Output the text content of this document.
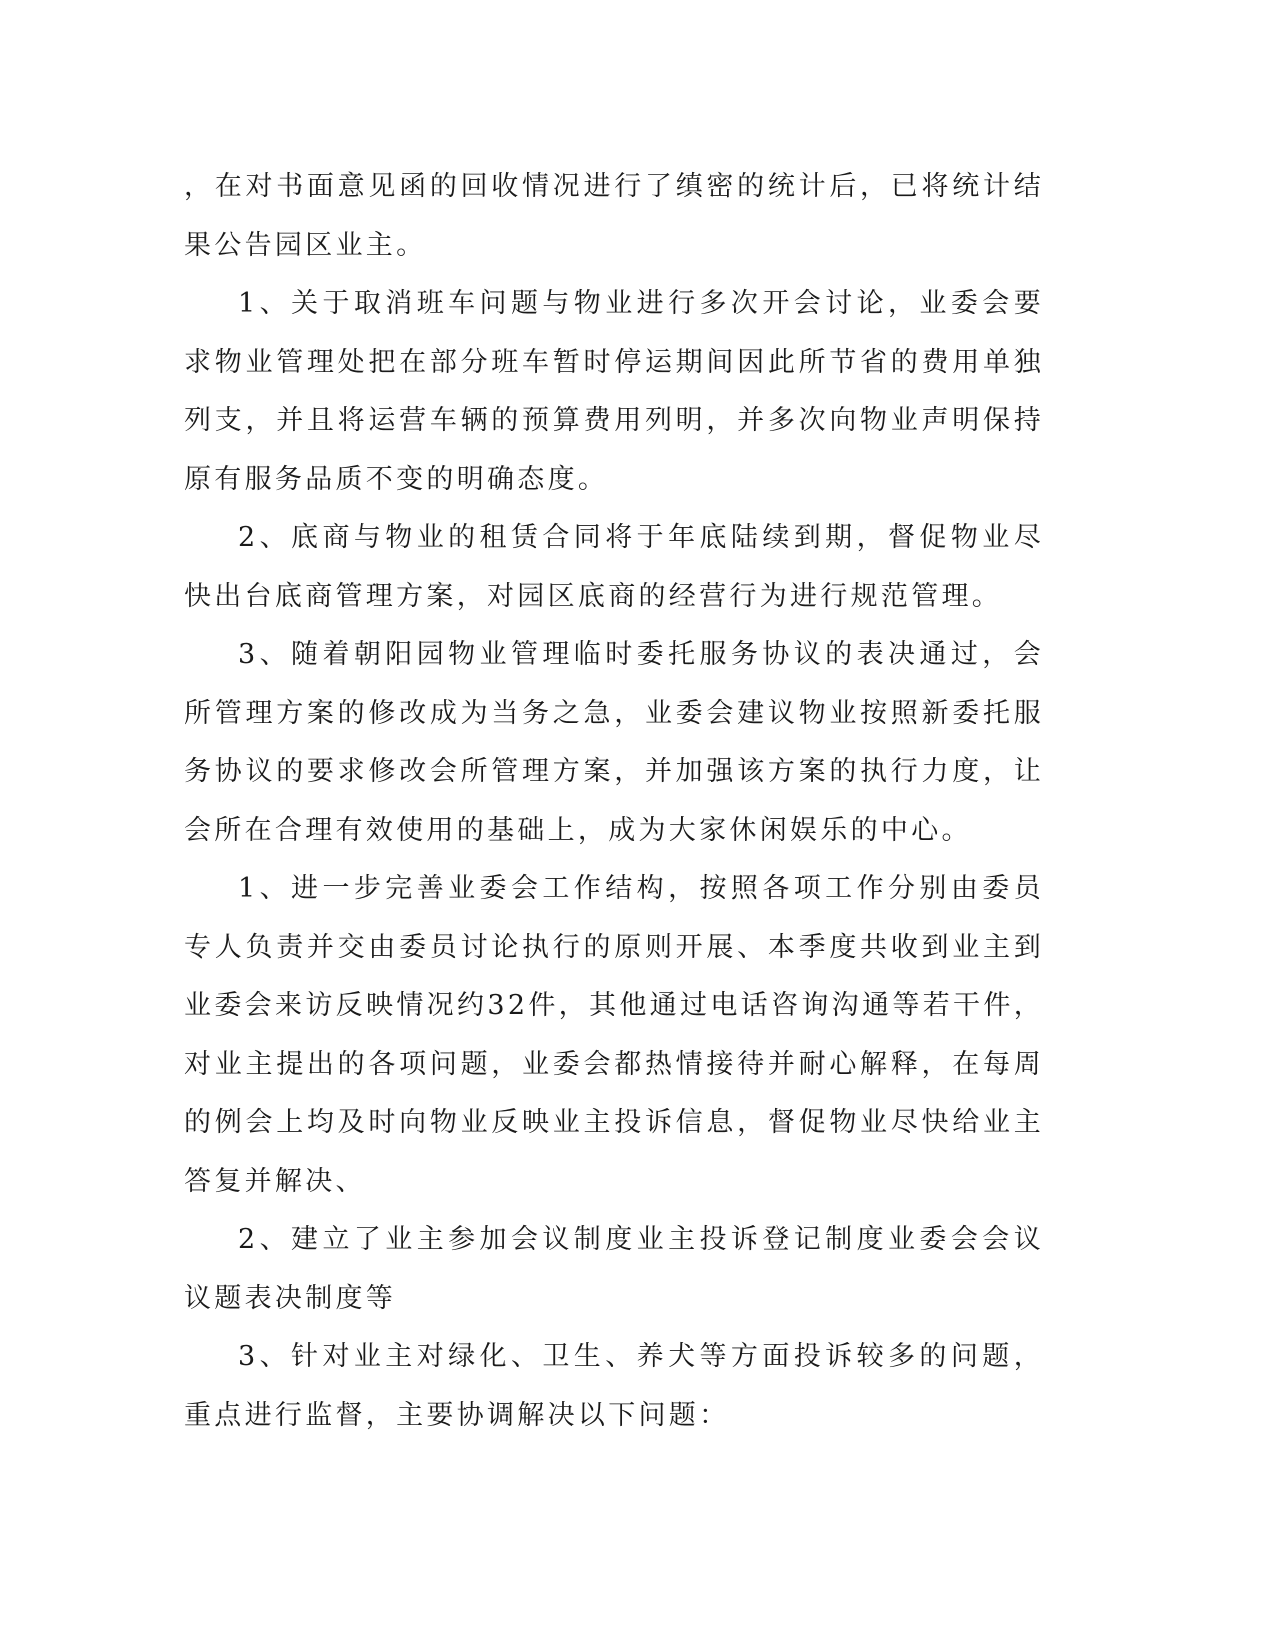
，在对书面意见函的回收情况进行了缜密的统计后，已将统计结果公告园区业主。

1、关于取消班车问题与物业进行多次开会讨论，业委会要求物业管理处把在部分班车暂时停运期间因此所节省的费用单独列支，并且将运营车辆的预算费用列明，并多次向物业声明保持原有服务品质不变的明确态度。

2、底商与物业的租赁合同将于年底陆续到期，督促物业尽快出台底商管理方案，对园区底商的经营行为进行规范管理。

3、随着朝阳园物业管理临时委托服务协议的表决通过，会所管理方案的修改成为当务之急，业委会建议物业按照新委托服务协议的要求修改会所管理方案，并加强该方案的执行力度，让会所在合理有效使用的基础上，成为大家休闲娱乐的中心。

1、进一步完善业委会工作结构，按照各项工作分别由委员专人负责并交由委员讨论执行的原则开展、本季度共收到业主到业委会来访反映情况约32件，其他通过电话咨询沟通等若干件，对业主提出的各项问题，业委会都热情接待并耐心解释，在每周的例会上均及时向物业反映业主投诉信息，督促物业尽快给业主答复并解决、

2、建立了业主参加会议制度业主投诉登记制度业委会会议议题表决制度等

3、针对业主对绿化、卫生、养犬等方面投诉较多的问题，重点进行监督，主要协调解决以下问题：
